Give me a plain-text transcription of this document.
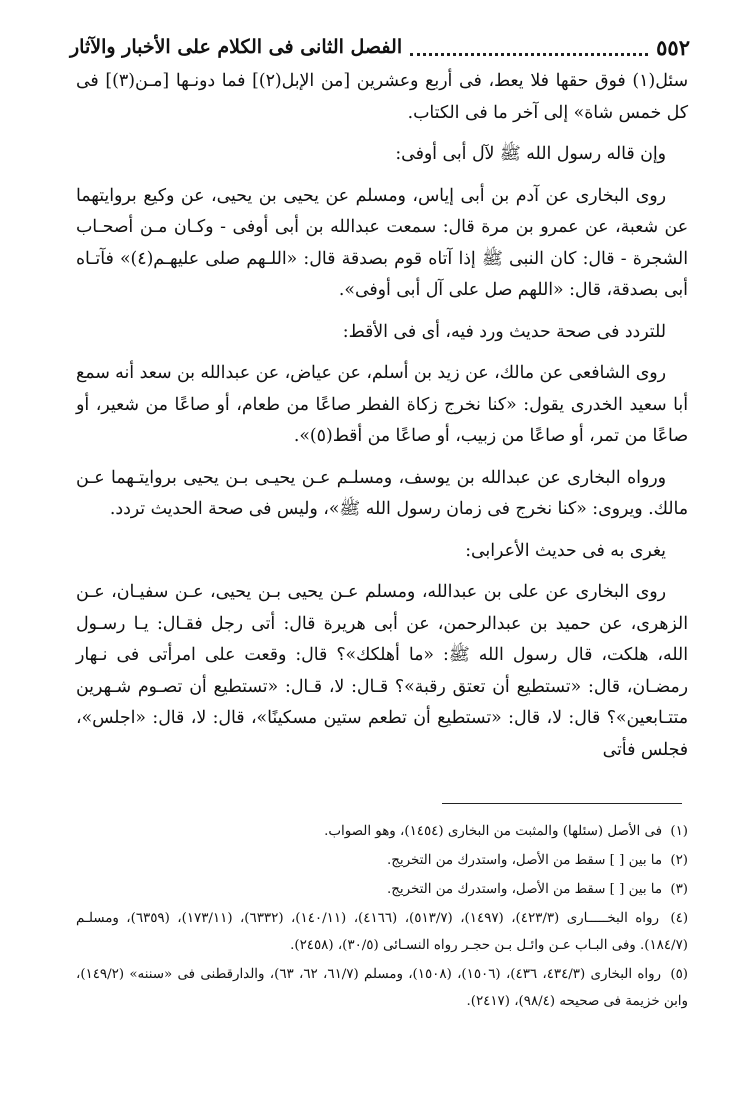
٥٥٢
الفصل الثانى فى الكلام على الأخبار والآثار

سئل(١) فوق حقها فلا يعط، فى أربع وعشرين [من الإبل(٢)] فما دونـها [مـن(٣)] فى كل خمس شاة» إلى آخر ما فى الكتاب.

وإن قاله رسول الله ﷺ لآل أبى أوفى:

روى البخارى عن آدم بن أبى إياس، ومسلم عن يحيى بن يحيى، عن وكيع بروايتهما عن شعبة، عن عمرو بن مرة قال: سمعت عبدالله بن أبى أوفى - وكـان مـن أصحـاب الشجرة - قال: كان النبى ﷺ إذا آتاه قوم بصدقة قال: «اللـهم صلى عليهـم(٤)» فآتـاه أبى بصدقة، قال: «اللهم صل على آل أبى أوفى».

للتردد فى صحة حديث ورد فيه، أى فى الأقط:

روى الشافعى عن مالك، عن زيد بن أسلم، عن عياض، عن عبدالله بن سعد أنه سمع أبا سعيد الخدرى يقول: «كنا نخرج زكاة الفطر صاعًا من طعام، أو صاعًا من شعير، أو صاعًا من تمر، أو صاعًا من زبيب، أو صاعًا من أقط(٥)».

ورواه البخارى عن عبدالله بن يوسف، ومسلـم عـن يحيـى بـن يحيى بروايتـهما عـن مالك. ويروى: «كنا نخرج فى زمان رسول الله ﷺ»، وليس فى صحة الحديث تردد.

يغرى به فى حديث الأعرابى:

روى البخارى عن على بن عبدالله، ومسلم عـن يحيى بـن يحيى، عـن سفيـان، عـن الزهرى، عن حميد بن عبدالرحمن، عن أبى هريرة قال: أتى رجل فقـال: يـا رسـول الله، هلكت، قال رسول الله ﷺ: «ما أهلكك»؟ قال: وقعت على امرأتى فى نـهار رمضـان، قال: «تستطيع أن تعتق رقبة»؟ قـال: لا، قـال: «تستطيع أن تصـوم شـهرين متتـابعين»؟ قال: لا، قال: «تستطيع أن تطعم ستين مسكينًا»، قال: لا، قال: «اجلس»، فجلس فأتى

(١) فى الأصل (سئلها) والمثبت من البخارى (١٤٥٤)، وهو الصواب.

(٢) ما بين [ ] سقط من الأصل، واستدرك من التخريج.

(٣) ما بين [ ] سقط من الأصل، واستدرك من التخريج.

(٤) رواه البخـــــارى (٤٢٣/٣)، (١٤٩٧)، (٥١٣/٧)، (٤١٦٦)، (١٤٠/١١)، (٦٣٣٢)، (١٧٣/١١)، (٦٣٥٩)، ومسلـم (١٨٤/٧). وفى البـاب عـن وائـل بـن حجـر رواه النسـائى (٣٠/٥)، (٢٤٥٨).

(٥) رواه البخارى (٤٣٤/٣، ٤٣٦)، (١٥٠٦)، (١٥٠٨)، ومسلم (٦١/٧، ٦٢، ٦٣)، والدارقطنى فى «سننه» (١٤٩/٢)، وابن خزيمة فى صحيحه (٩٨/٤)، (٢٤١٧).
